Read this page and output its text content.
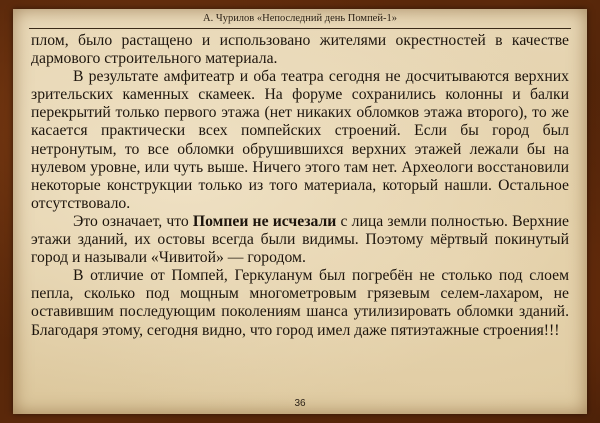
А. Чурилов «Непоследний день Помпей-1»

плом, было растащено и использовано жителями окрестностей в качестве дармового строительного материала.

В результате амфитеатр и оба театра сегодня не досчитываются верхних зрительских каменных скамеек. На форуме сохранились колонны и балки перекрытий только первого этажа (нет никаких обломков этажа второго), то же касается практически всех помпейских строений. Если бы город был нетронутым, то все обломки обрушившихся верхних этажей лежали бы на нулевом уровне, или чуть выше. Ничего этого там нет. Археологи восстановили некоторые конструкции только из того материала, который нашли. Остальное отсутствовало.

Это означает, что Помпеи не исчезали с лица земли полностью. Верхние этажи зданий, их остовы всегда были видимы. Поэтому мёртвый покинутый город и называли «Чивитой» — городом.

В отличие от Помпей, Геркуланум был погребён не столько под слоем пепла, сколько под мощным многометровым грязевым селем-лахаром, не оставившим последующим поколениям шанса утилизировать обломки зданий. Благодаря этому, сегодня видно, что город имел даже пятиэтажные строения!!!

36
